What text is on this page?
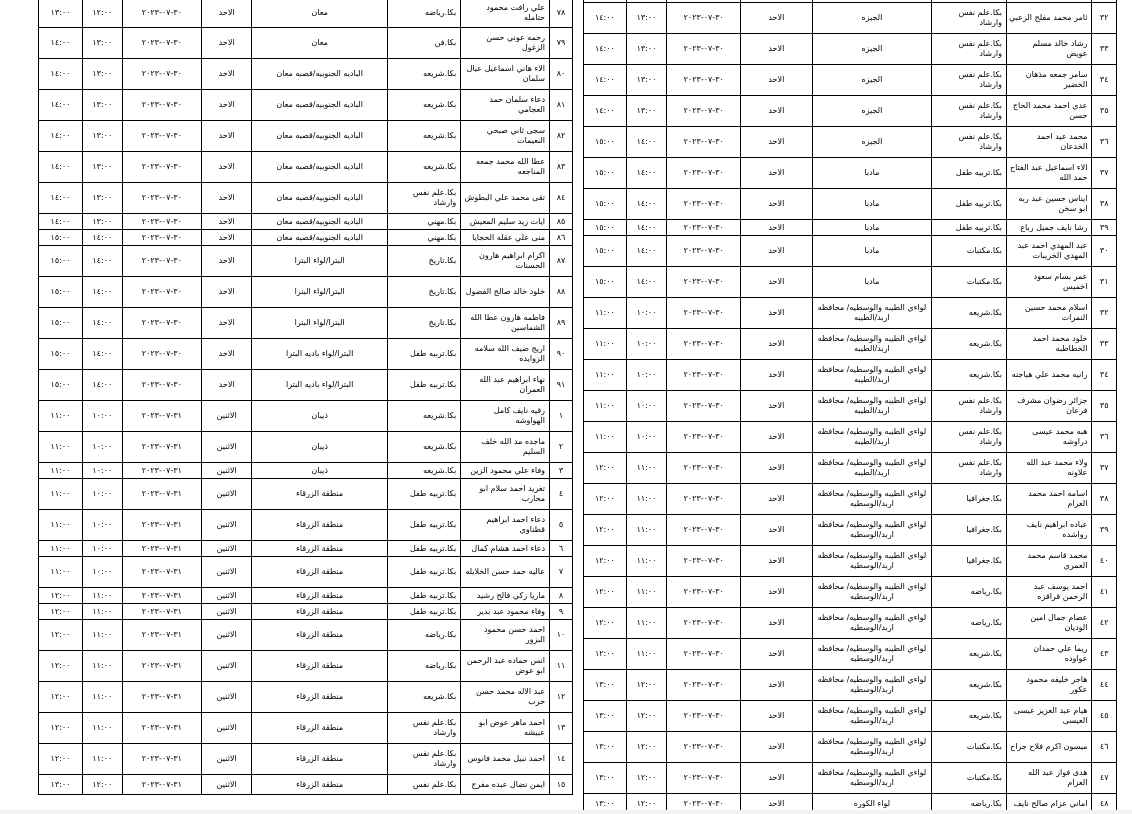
٣٢	ثامر محمد مفلح الزعبي	بكا.علم نفس وارشاد	الجيزه	الاحد	٣٠-٠٧-٢٠٢٣	١٣:٠٠	١٤:٠٠
٣٣	رشاد خالد مسلم عويض	بكا.علم نفس وارشاد	الجيزه	الاحد	٣٠-٠٧-٢٠٢٣	١٣:٠٠	١٤:٠٠
٣٤	سامر جمعه مذهان الخضير	بكا.علم نفس وارشاد	الجيزه	الاحد	٣٠-٠٧-٢٠٢٣	١٣:٠٠	١٤:٠٠
٣٥	عدي احمد محمد الحاج حسن	بكا.علم نفس وارشاد	الجيزه	الاحد	٣٠-٠٧-٢٠٢٣	١٣:٠٠	١٤:٠٠
٣٦	محمد عيد احمد الخدعان	بكا.علم نفس وارشاد	الجيزه	الاحد	٣٠-٠٧-٢٠٢٣	١٤:٠٠	١٥:٠٠
٣٧	الاء اسماعيل عبد الفتاح حمد الله	بكا.تربيه طفل	مادبا	الاحد	٣٠-٠٧-٢٠٢٣	١٤:٠٠	١٥:٠٠
٣٨	ايناس حسين عبد ربه ابو سخن	بكا.تربيه طفل	مادبا	الاحد	٣٠-٠٧-٢٠٢٣	١٤:٠٠	١٥:٠٠
٣٩	رشا نايف جميل رباع	بكا.تربيه طفل	مادبا	الاحد	٣٠-٠٧-٢٠٢٣	١٤:٠٠	١٥:٠٠
٣٠	عبد المهدي احمد عبد المهدي الخريبات	بكا.مكتبات	مادبا	الاحد	٣٠-٠٧-٢٠٢٣	١٤:٠٠	١٥:٠٠
٣١	عمر بسام سعود اخميس	بكا.مكتبات	مادبا	الاحد	٣٠-٠٧-٢٠٢٣	١٤:٠٠	١٥:٠٠
٣٢	اسلام محمد حسين النمرات	بكا.شريعه	لواءي الطيبه والوسطيه/ محافظه اربد/الطيبه	الاحد	٣٠-٠٧-٢٠٢٣	١٠:٠٠	١١:٠٠
٣٣	خلود محمد احمد الخطاطبه	بكا.شريعه	لواءي الطيبه والوسطيه/ محافظه اربد/الطيبه	الاحد	٣٠-٠٧-٢٠٢٣	١٠:٠٠	١١:٠٠
٣٤	رانيه محمد علي هياجنه	بكا.شريعه	لواءي الطيبه والوسطيه/ محافظه اربد/الطيبه	الاحد	٣٠-٠٧-٢٠٢٣	١٠:٠٠	١١:٠٠
٣٥	جزائر رضوان مشرف فرعان	بكا.علم نفس وارشاد	لواءي الطيبه والوسطيه/ محافظه اربد/الطيبه	الاحد	٣٠-٠٧-٢٠٢٣	١٠:٠٠	١١:٠٠
٣٦	هبه محمد عيسى دراوشه	بكا.علم نفس وارشاد	لواءي الطيبه والوسطيه/ محافظه اربد/الطيبه	الاحد	٣٠-٠٧-٢٠٢٣	١٠:٠٠	١١:٠٠
٣٧	ولاء محمد عبد الله علاونه	بكا.علم نفس وارشاد	لواءي الطيبه والوسطيه/ محافظه اربد/الطيبه	الاحد	٣٠-٠٧-٢٠٢٣	١١:٠٠	١٢:٠٠
٣٨	اسامه احمد محمد العزام	بكا.جغرافيا	لواءي الطيبه والوسطيه/ محافظه اربد/الوسطيه	الاحد	٣٠-٠٧-٢٠٢٣	١١:٠٠	١٢:٠٠
٣٩	عباده ابراهيم نايف رواشده	بكا.جغرافيا	لواءي الطيبه والوسطيه/ محافظه اربد/الوسطيه	الاحد	٣٠-٠٧-٢٠٢٣	١١:٠٠	١٢:٠٠
٤٠	محمد قاسم محمد العمري	بكا.جغرافيا	لواءي الطيبه والوسطيه/ محافظه اربد/الوسطيه	الاحد	٣٠-٠٧-٢٠٢٣	١١:٠٠	١٢:٠٠
٤١	احمد يوسف عبد الرحمن قراقزه	بكا.رياضه	لواءي الطيبه والوسطيه/ محافظه اربد/الوسطيه	الاحد	٣٠-٠٧-٢٠٢٣	١١:٠٠	١٢:٠٠
٤٢	عصام جمال امين الوديان	بكا.رياضه	لواءي الطيبه والوسطيه/ محافظه اربد/الوسطيه	الاحد	٣٠-٠٧-٢٠٢٣	١١:٠٠	١٢:٠٠
٤٣	ريما علي حمدان عواوده	بكا.شريعه	لواءي الطيبه والوسطيه/ محافظه اربد/الوسطيه	الاحد	٣٠-٠٧-٢٠٢٣	١١:٠٠	١٢:٠٠
٤٤	هاجر خليفه محمود عكور	بكا.شريعه	لواءي الطيبه والوسطيه/ محافظه اربد/الوسطيه	الاحد	٣٠-٠٧-٢٠٢٣	١٢:٠٠	١٣:٠٠
٤٥	هيام عبد العزيز عيسى العيسى	بكا.شريعه	لواءي الطيبه والوسطيه/ محافظه اربد/الوسطيه	الاحد	٣٠-٠٧-٢٠٢٣	١٢:٠٠	١٣:٠٠
٤٦	ميسون اكرم فلاح جراح	بكا.مكتبات	لواءي الطيبه والوسطيه/ محافظه اربد/الوسطيه	الاحد	٣٠-٠٧-٢٠٢٣	١٢:٠٠	١٣:٠٠
٤٧	هدى فواز عبد الله العزام	بكا.مكتبات	لواءي الطيبه والوسطيه/ محافظه اربد/الوسطيه	الاحد	٣٠-٠٧-٢٠٢٣	١٢:٠٠	١٣:٠٠
٤٨	اماني عزام صالح نايف	بكا.رياضه	لواء الكوره	الاحد	٣٠-٠٧-٢٠٢٣	١٢:٠٠	١٣:٠٠
٧٨	علي رافت محمود حتامله	بكا.رياضه	معان	الاحد	٣٠-٠٧-٢٠٢٣	١٢:٠٠	١٣:٠٠
٧٩	رحمه عوني حسن الزغول	بكا.فن	معان	الاحد	٣٠-٠٧-٢٠٢٣	١٣:٠٠	١٤:٠٠
٨٠	الاء هاني اسماعيل عيال سلمان	بكا.شريعه	الباديه الجنوبيه/قصبه معان	الاحد	٣٠-٠٧-٢٠٢٣	١٣:٠٠	١٤:٠٠
٨١	دعاء سلمان حمد العجامي	بكا.شريعه	الباديه الجنوبيه/قصبه معان	الاحد	٣٠-٠٧-٢٠٢٣	١٣:٠٠	١٤:٠٠
٨٢	سجى ثاني صبحي النعيمات	بكا.شريعه	الباديه الجنوبيه/قصبه معان	الاحد	٣٠-٠٧-٢٠٢٣	١٣:٠٠	١٤:٠٠
٨٣	عطا الله محمد جمعه المناجعه	بكا.شريعه	الباديه الجنوبيه/قصبه معان	الاحد	٣٠-٠٧-٢٠٢٣	١٣:٠٠	١٤:٠٠
٨٤	تقى محمد علي البطوش	بكا.علم نفس وارشاد	الباديه الجنوبيه/قصبه معان	الاحد	٣٠-٠٧-٢٠٢٣	١٣:٠٠	١٤:٠٠
٨٥	ايات زيد سليم المعيش	بكا.مهني	الباديه الجنوبيه/قصبه معان	الاحد	٣٠-٠٧-٢٠٢٣	١٣:٠٠	١٤:٠٠
٨٦	منى علي عقله الحجايا	بكا.مهني	الباديه الجنوبيه/قصبه معان	الاحد	٣٠-٠٧-٢٠٢٣	١٤:٠٠	١٥:٠٠
٨٧	اكرام ابراهيم هارون الحسنات	بكا.تاريخ	البترا/لواء البترا	الاحد	٣٠-٠٧-٢٠٢٣	١٤:٠٠	١٥:٠٠
٨٨	خلود خالد صالح الفضول	بكا.تاريخ	البترا/لواء البترا	الاحد	٣٠-٠٧-٢٠٢٣	١٤:٠٠	١٥:٠٠
٨٩	فاطمه هارون عطا الله الشماسين	بكا.تاريخ	البترا/لواء البترا	الاحد	٣٠-٠٧-٢٠٢٣	١٤:٠٠	١٥:٠٠
٩٠	اريج ضيف الله سلامه الزوايده	بكا.تربيه طفل	البترا/لواء باديه البترا	الاحد	٣٠-٠٧-٢٠٢٣	١٤:٠٠	١٥:٠٠
٩١	نهاء ابراهيم عبد الله العمران	بكا.تربيه طفل	البترا/لواء باديه البترا	الاحد	٣٠-٠٧-٢٠٢٣	١٤:٠٠	١٥:٠٠
١	رقيه نايف كامل الهواوشه	بكا.شريعه	ذيبان	الاثنين	٣١-٠٧-٢٠٢٣	١٠:٠٠	١١:٠٠
٢	ماجده مد الله خلف السليم	بكا.شريعه	ذيبان	الاثنين	٣١-٠٧-٢٠٢٣	١٠:٠٠	١١:٠٠
٣	وفاء علي محمود الزين	بكا.شريعه	ذيبان	الاثنين	٣١-٠٧-٢٠٢٣	١٠:٠٠	١١:٠٠
٤	تغريد احمد سلام ابو محارب	بكا.تربيه طفل	منطقة الزرقاء	الاثنين	٣١-٠٧-٢٠٢٣	١٠:٠٠	١١:٠٠
٥	دعاء احمد ابراهيم قطناوي	بكا.تربيه طفل	منطقة الزرقاء	الاثنين	٣١-٠٧-٢٠٢٣	١٠:٠٠	١١:٠٠
٦	دعاء احمد هشام كمال	بكا.تربيه طفل	منطقة الزرقاء	الاثنين	٣١-٠٧-٢٠٢٣	١٠:٠٠	١١:٠٠
٧	عاليه حمد حسن الخلايله	بكا.تربيه طفل	منطقة الزرقاء	الاثنين	٣١-٠٧-٢٠٢٣	١٠:٠٠	١١:٠٠
٨	ماريا زكي فالح رشيد	بكا.تربيه طفل	منطقة الزرقاء	الاثنين	٣١-٠٧-٢٠٢٣	١١:٠٠	١٢:٠٠
٩	وفاء محمود عبد بدير	بكا.تربيه طفل	منطقة الزرقاء	الاثنين	٣١-٠٧-٢٠٢٣	١١:٠٠	١٢:٠٠
١٠	احمد حسن محمود البزور	بكا.رياضه	منطقة الزرقاء	الاثنين	٣١-٠٧-٢٠٢٣	١١:٠٠	١٢:٠٠
١١	انس حماده عبد الرحمن ابو عوض	بكا.رياضه	منطقة الزرقاء	الاثنين	٣١-٠٧-٢٠٢٣	١١:٠٠	١٢:٠٠
١٢	عبد الاله محمد حسن حرب	بكا.شريعه	منطقة الزرقاء	الاثنين	٣١-٠٧-٢٠٢٣	١١:٠٠	١٢:٠٠
١٣	احمد ماهر عوض ابو عبيشه	بكا.علم نفس وارشاد	منطقة الزرقاء	الاثنين	٣١-٠٧-٢٠٢٣	١١:٠٠	١٢:٠٠
١٤	احمد نبيل محمد فانوس	بكا.علم نفس وارشاد	منطقة الزرقاء	الاثنين	٣١-٠٧-٢٠٢٣	١١:٠٠	١٢:٠٠
١٥	ايمن نضال عبده مفرج	بكا.علم نفس	منطقة الزرقاء	الاثنين	٣١-٠٧-٢٠٢٣	١٢:٠٠	١٣:٠٠
